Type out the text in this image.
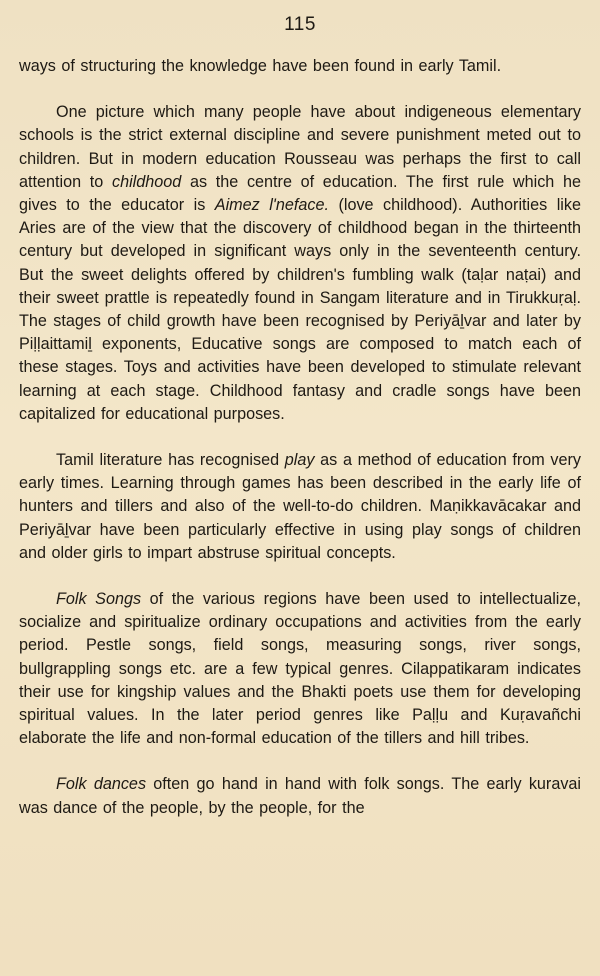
115

ways of structuring the knowledge have been found in early Tamil.

One picture which many people have about indigeneous elementary schools is the strict external discipline and severe punishment meted out to children. But in modern education Rousseau was perhaps the first to call attention to childhood as the centre of education. The first rule which he gives to the educator is Aimez l'neface. (love childhood). Authorities like Aries are of the view that the discovery of childhood began in the thirteenth century but developed in significant ways only in the seventeenth century. But the sweet delights offered by children's fumbling walk (taḷar naṭai) and their sweet prattle is repeatedly found in Sangam literature and in Tirukkuṛaḷ. The stages of child growth have been recognised by Periyāḻvar and later by Piḷḷaittamiḻ exponents, Educative songs are composed to match each of these stages. Toys and activities have been developed to stimulate relevant learning at each stage. Childhood fantasy and cradle songs have been capitalized for educational purposes.

Tamil literature has recognised play as a method of education from very early times. Learning through games has been described in the early life of hunters and tillers and also of the well-to-do children. Maṇikkavācakar and Periyāḻvar have been particularly effective in using play songs of children and older girls to impart abstruse spiritual concepts.

Folk Songs of the various regions have been used to intellectualize, socialize and spiritualize ordinary occupations and activities from the early period. Pestle songs, field songs, measuring songs, river songs, bullgrappling songs etc. are a few typical genres. Cilappatikaram indicates their use for kingship values and the Bhakti poets use them for developing spiritual values. In the later period genres like Paḷḷu and Kuṛavañchi elaborate the life and non-formal education of the tillers and hill tribes.

Folk dances often go hand in hand with folk songs. The early kuravai was dance of the people, by the people, for the
